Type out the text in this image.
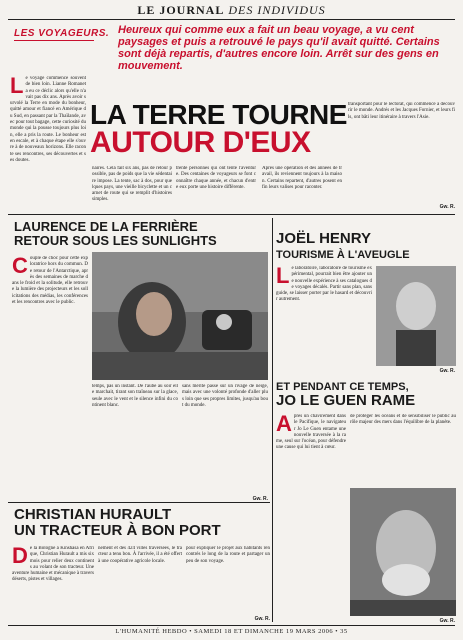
LE JOURNAL DES INDIVIDUS
LES VOYAGEURS. Heureux qui comme eux a fait un beau voyage, a vu cent paysages et puis a retrouvé le pays qu'il avait quitté. Certains sont déjà repartis, d'autres encore loin. Arrêt sur des gens en mouvement.
L e voyage commence souvent de bien loin. Lianne Romanet a eu ce déclic alors qu'elle n'avait pas dix ans. Après avoir survolé la Terre en mode du bonheur, quitté amour et fiancé en Amérique du Sud, en passant par la Thaïlande, avec pour tout bagage, cette curiosité du monde qui la pousse toujours plus loin, elle a pris la route. Le bonheur est en escale, et à chaque étape elle s'ouvre à de nouveaux horizons. Elle raconte ses rencontres, ses découvertes et ses doutes.
LA TERRE TOURNE
AUTOUR D'EUX
naires. Cela fait six ans, pas de retour possible, pas de poids que la vie sédentaire impose. La tente, sac à dos, pour quelques pays, une vieille bicyclette et un carnet de route qui se remplit d'histoires simples.
trente personnes qui ont tenté l'aventure. Des centaines de voyageurs se font connaître chaque année, et chacun d'entre eux porte une histoire différente.
Après une opération et des années de travail, ils reviennent toujours à la maison. Certains repartent, d'autres posent enfin leurs valises pour raconter.
transportant pour le lectorat, qui commence à découvrir le monde. Andrés et les Jacques Fornier, et leurs fils, ont bâti leur itinéraire à travers l'Asie.
Gw. R.
LAURENCE DE LA FERRIÈRE
RETOUR SOUS LES SUNLIGHTS
C ouple de choc pour cette exploratrice hors du commun. De retour de l'Antarctique, après des semaines de marche dans le froid et la solitude, elle retrouve la lumière des projecteurs et les sollicitations des médias, les conférences et les rencontres avec le public.
temps, pas un instant. De l'aube au soir elle marchait, tirant son traîneau sur la glace, seule avec le vent et le silence infini du continent blanc.
sans mérite passé sur un rivage de neige, mais avec une volonté profonde d'aller plus loin que ses propres limites, jusqu'au bout du monde.
Gw. R.
JOËL HENRY
TOURISME À L'AVEUGLE
L e laboratoire, laboratoire de tourisme expérimental, pourrait bien être ajouter une nouvelle expérience à ses catalogues de voyages décalés. Partir sans plan, sans guide, se laisser porter par le hasard et découvrir autrement.
Gw. R.
ET PENDANT CE TEMPS,
JO LE GUEN RAME
A près un chavirement dans le Pacifique, le navigateur Jo Le Guen entame une nouvelle traversée à la rame, seul sur l'océan, pour défendre une cause qui lui tient à cœur.
de protéger les océans et de sensibiliser le public au rôle majeur des mers dans l'équilibre de la planète.
Gw. R.
CHRISTIAN HURAULT
UN TRACTEUR À BON PORT
D e la Bologne à Kinshasa en Afrique, Christian Hurault a mis six mois pour relier deux continents au volant de son tracteur. Une aventure humaine et mécanique à travers déserts, pistes et villages.
nement et des 424 villes traversées, le tracteur a tenu bon. À l'arrivée, il a été offert à une coopérative agricole locale.
pour expliquer le projet aux habitants rencontrés le long de la route et partager un peu de son voyage.
Gw. R.
L'HUMANITÉ HEBDO • SAMEDI 18 ET DIMANCHE 19 MARS 2006 • 35
